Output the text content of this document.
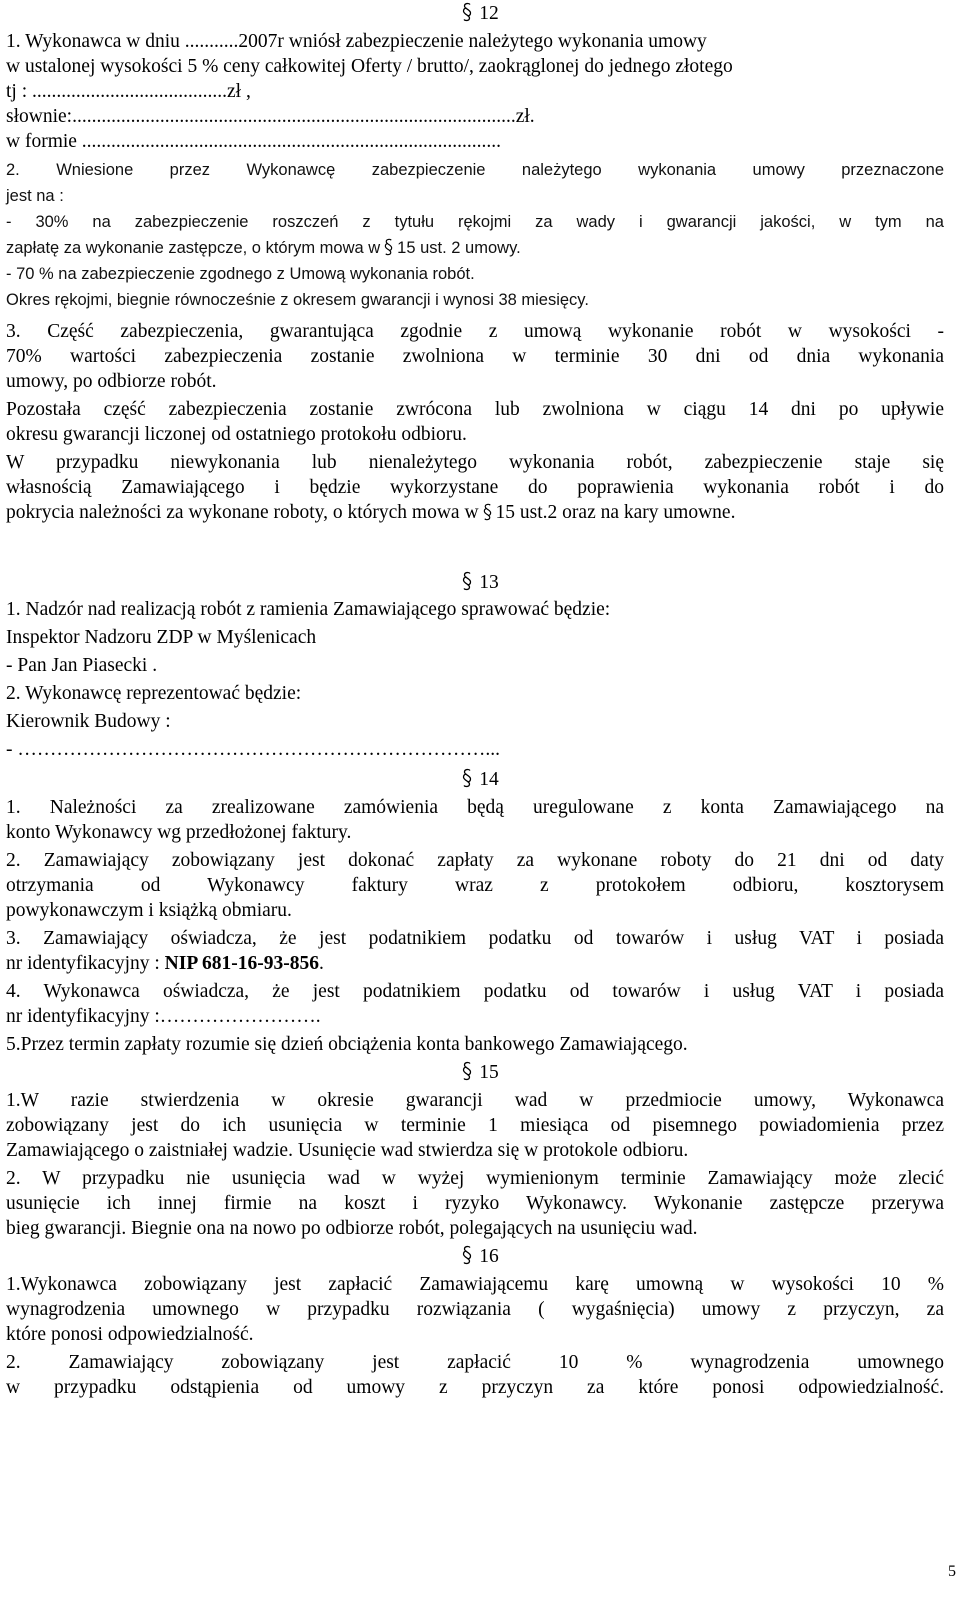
12
1. Wykonawca w dniu ...........2007r wniósł zabezpieczenie należytego wykonania umowy
w ustalonej wysokości 5 % ceny całkowitej Oferty / brutto/, zaokrąglonej do jednego złotego
tj : ........................................zł ,
słownie:...........................................................................................zł.
w formie ......................................................................................
2. Wniesione przez Wykonawcę zabezpieczenie należytego wykonania umowy przeznaczone
jest na :
- 30% na zabezpieczenie roszczeń z tytułu rękojmi za wady i gwarancji jakości, w tym na
zapłatę za wykonanie zastępcze, o którym mowa w 15 ust. 2 umowy.
- 70 % na zabezpieczenie zgodnego z Umową wykonania robót.
Okres rękojmi, biegnie równocześnie z okresem gwarancji i wynosi 38 miesięcy.
3. Część zabezpieczenia, gwarantująca zgodnie z umową wykonanie robót w wysokości -
70% wartości zabezpieczenia zostanie zwolniona w terminie 30 dni od dnia wykonania
umowy, po odbiorze robót.
Pozostała część zabezpieczenia zostanie zwrócona lub zwolniona w ciągu 14 dni po upływie
okresu gwarancji liczonej od ostatniego protokołu odbioru.
W przypadku niewykonania lub nienależytego wykonania robót, zabezpieczenie staje się
własnością Zamawiającego i będzie wykorzystane do poprawienia wykonania robót i do
pokrycia należności za wykonane roboty, o których mowa w 15 ust.2 oraz na kary umowne.
13
1. Nadzór nad realizacją robót z ramienia Zamawiającego sprawować będzie:
Inspektor Nadzoru ZDP w Myślenicach
- Pan Jan Piasecki .
2. Wykonawcę reprezentować będzie:
Kierownik Budowy :
- ………………………………………………………………...
14
1. Należności za zrealizowane zamówienia będą uregulowane z konta Zamawiającego na
konto Wykonawcy wg przedłożonej faktury.
2. Zamawiający zobowiązany jest dokonać zapłaty za wykonane roboty do 21 dni od daty
otrzymania od Wykonawcy faktury wraz z protokołem odbioru, kosztorysem
powykonawczym i książką obmiaru.
3. Zamawiający oświadcza, że jest podatnikiem podatku od towarów i usług VAT i posiada
nr identyfikacyjny : NIP 681-16-93-856.
4. Wykonawca oświadcza, że jest podatnikiem podatku od towarów i usług VAT i posiada
nr identyfikacyjny :…………………….
5.Przez termin zapłaty rozumie się dzień obciążenia konta bankowego Zamawiającego.
15
1.W razie stwierdzenia w okresie gwarancji wad w przedmiocie umowy, Wykonawca
zobowiązany jest do ich usunięcia w terminie 1 miesiąca od pisemnego powiadomienia przez
Zamawiającego o zaistniałej wadzie. Usunięcie wad stwierdza się w protokole odbioru.
2. W przypadku nie usunięcia wad w wyżej wymienionym terminie Zamawiający może zlecić
usunięcie ich innej firmie na koszt i ryzyko Wykonawcy. Wykonanie zastępcze przerywa
bieg gwarancji. Biegnie ona na nowo po odbiorze robót, polegających na usunięciu wad.
16
1.Wykonawca zobowiązany jest zapłacić Zamawiającemu karę umowną w wysokości 10 %
wynagrodzenia umownego w przypadku rozwiązania ( wygaśnięcia) umowy z przyczyn, za
które ponosi odpowiedzialność.
2. Zamawiający zobowiązany jest zapłacić 10 % wynagrodzenia umownego
w przypadku odstąpienia od umowy z przyczyn za które ponosi odpowiedzialność.
5
